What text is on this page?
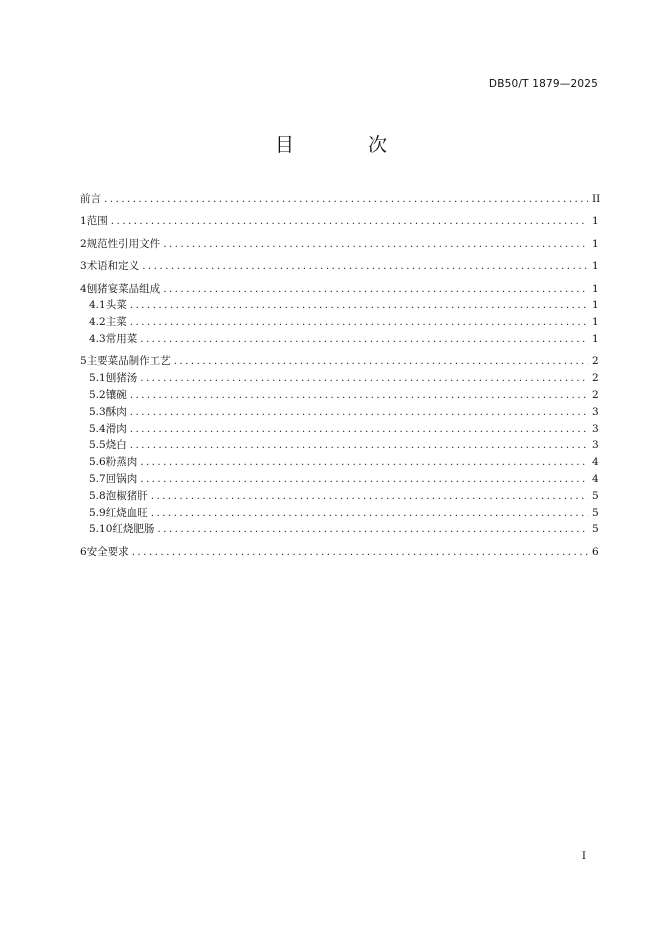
DB50/T 1879—2025
目 次
前言 .....	II
1 范围 .....	1
2 规范性引用文件 .....	1
3 术语和定义 .....	1
4 刨猪宴菜品组成 .....	1
4.1 头菜 .....	1
4.2 主菜 .....	1
4.3 常用菜 .....	1
5 主要菜品制作工艺 .....	2
5.1 刨猪汤 .....	2
5.2 镶碗 .....	2
5.3 酥肉 .....	3
5.4 滑肉 .....	3
5.5 烧白 .....	3
5.6 粉蒸肉 .....	4
5.7 回锅肉 .....	4
5.8 泡椒猪肝 .....	5
5.9 红烧血旺 .....	5
5.10 红烧肥肠 .....	5
6 安全要求 .....	6
I
